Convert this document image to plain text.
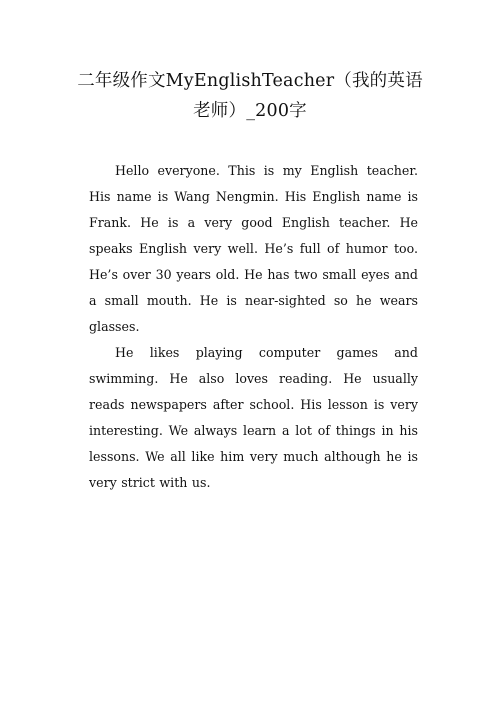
二年级作文MyEnglishTeacher（我的英语老师）_200字

Hello everyone. This is my English teacher. His name is Wang Nengmin. His English name is Frank. He is a very good English teacher. He speaks English very well. He’s full of humor too. He’s over 30 years old. He has two small eyes and a small mouth. He is near-sighted so he wears glasses.

He likes playing computer games and swimming. He also loves reading. He usually reads newspapers after school. His lesson is very interesting. We always learn a lot of things in his lessons. We all like him very much although he is very strict with us.
